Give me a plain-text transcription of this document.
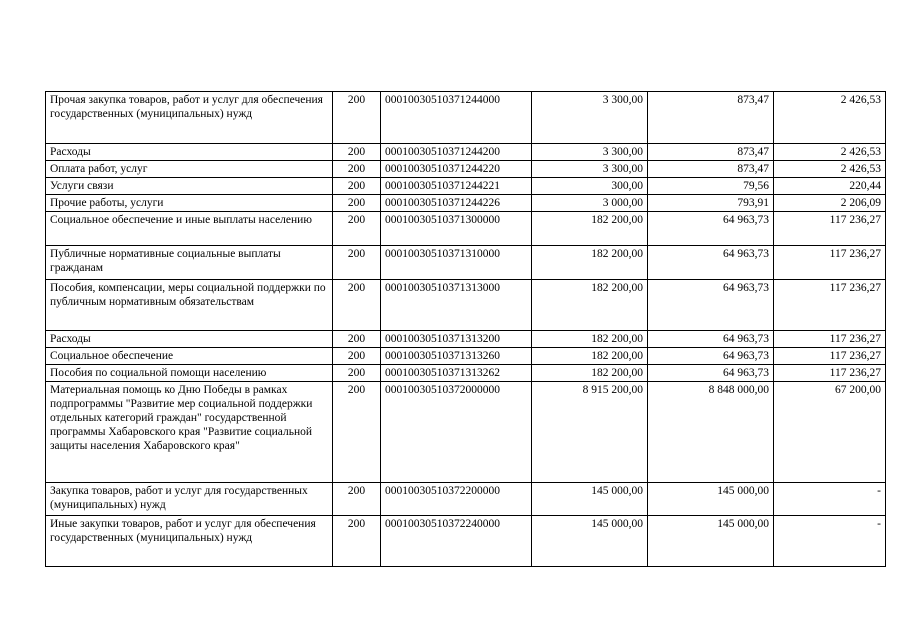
Прочая закупка товаров, работ и услуг для обеспечения государственных (муниципальных) нужд	200	00010030510371244000	3 300,00	873,47	2 426,53
Расходы	200	00010030510371244200	3 300,00	873,47	2 426,53
Оплата работ, услуг	200	00010030510371244220	3 300,00	873,47	2 426,53
Услуги связи	200	00010030510371244221	300,00	79,56	220,44
Прочие работы, услуги	200	00010030510371244226	3 000,00	793,91	2 206,09
Социальное обеспечение и иные выплаты населению	200	00010030510371300000	182 200,00	64 963,73	117 236,27
Публичные нормативные социальные выплаты гражданам	200	00010030510371310000	182 200,00	64 963,73	117 236,27
Пособия, компенсации, меры социальной поддержки по публичным нормативным обязательствам	200	00010030510371313000	182 200,00	64 963,73	117 236,27
Расходы	200	00010030510371313200	182 200,00	64 963,73	117 236,27
Социальное обеспечение	200	00010030510371313260	182 200,00	64 963,73	117 236,27
Пособия по социальной помощи населению	200	00010030510371313262	182 200,00	64 963,73	117 236,27
Материальная помощь ко Дню Победы в рамках подпрограммы "Развитие мер социальной поддержки отдельных категорий граждан" государственной программы Хабаровского края "Развитие социальной защиты населения Хабаровского края"	200	00010030510372000000	8 915 200,00	8 848 000,00	67 200,00
Закупка товаров, работ и услуг для государственных (муниципальных) нужд	200	00010030510372200000	145 000,00	145 000,00	-
Иные закупки товаров, работ и услуг для обеспечения государственных (муниципальных) нужд	200	00010030510372240000	145 000,00	145 000,00	-
